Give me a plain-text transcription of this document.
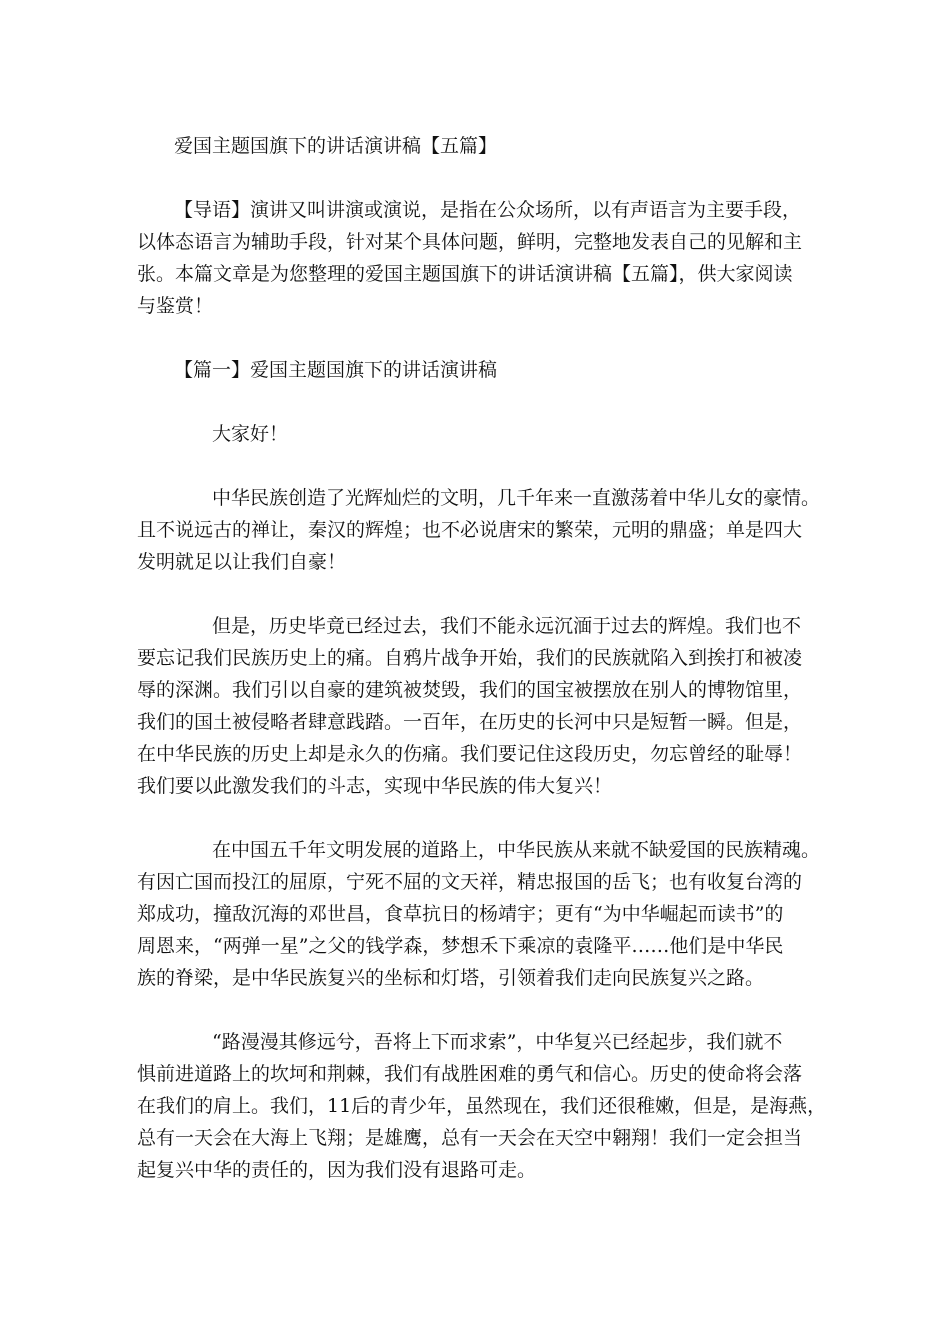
爱国主题国旗下的讲话演讲稿【五篇】

【导语】演讲又叫讲演或演说，是指在公众场所，以有声语言为主要手段，

以体态语言为辅助手段，针对某个具体问题，鲜明，完整地发表自己的见解和主

张。本篇文章是为您整理的爱国主题国旗下的讲话演讲稿【五篇】，供大家阅读

与鉴赏！

【篇一】爱国主题国旗下的讲话演讲稿

大家好！

中华民族创造了光辉灿烂的文明，几千年来一直激荡着中华儿女的豪情。

且不说远古的禅让，秦汉的辉煌；也不必说唐宋的繁荣，元明的鼎盛；单是四大

发明就足以让我们自豪！

但是，历史毕竟已经过去，我们不能永远沉湎于过去的辉煌。我们也不

要忘记我们民族历史上的痛。自鸦片战争开始，我们的民族就陷入到挨打和被凌

辱的深渊。我们引以自豪的建筑被焚毁，我们的国宝被摆放在别人的博物馆里，

我们的国土被侵略者肆意践踏。一百年，在历史的长河中只是短暂一瞬。但是，

在中华民族的历史上却是永久的伤痛。我们要记住这段历史，勿忘曾经的耻辱！

我们要以此激发我们的斗志，实现中华民族的伟大复兴！

在中国五千年文明发展的道路上，中华民族从来就不缺爱国的民族精魂。

有因亡国而投江的屈原，宁死不屈的文天祥，精忠报国的岳飞；也有收复台湾的

郑成功，撞敌沉海的邓世昌，食草抗日的杨靖宇；更有“为中华崛起而读书”的

周恩来，“两弹一星”之父的钱学森，梦想禾下乘凉的袁隆平……他们是中华民

族的脊梁，是中华民族复兴的坐标和灯塔，引领着我们走向民族复兴之路。

“路漫漫其修远兮，吾将上下而求索”，中华复兴已经起步，我们就不

惧前进道路上的坎坷和荆棘，我们有战胜困难的勇气和信心。历史的使命将会落

在我们的肩上。我们，11后的青少年，虽然现在，我们还很稚嫩，但是，是海燕，

总有一天会在大海上飞翔；是雄鹰，总有一天会在天空中翱翔！我们一定会担当

起复兴中华的责任的，因为我们没有退路可走。
